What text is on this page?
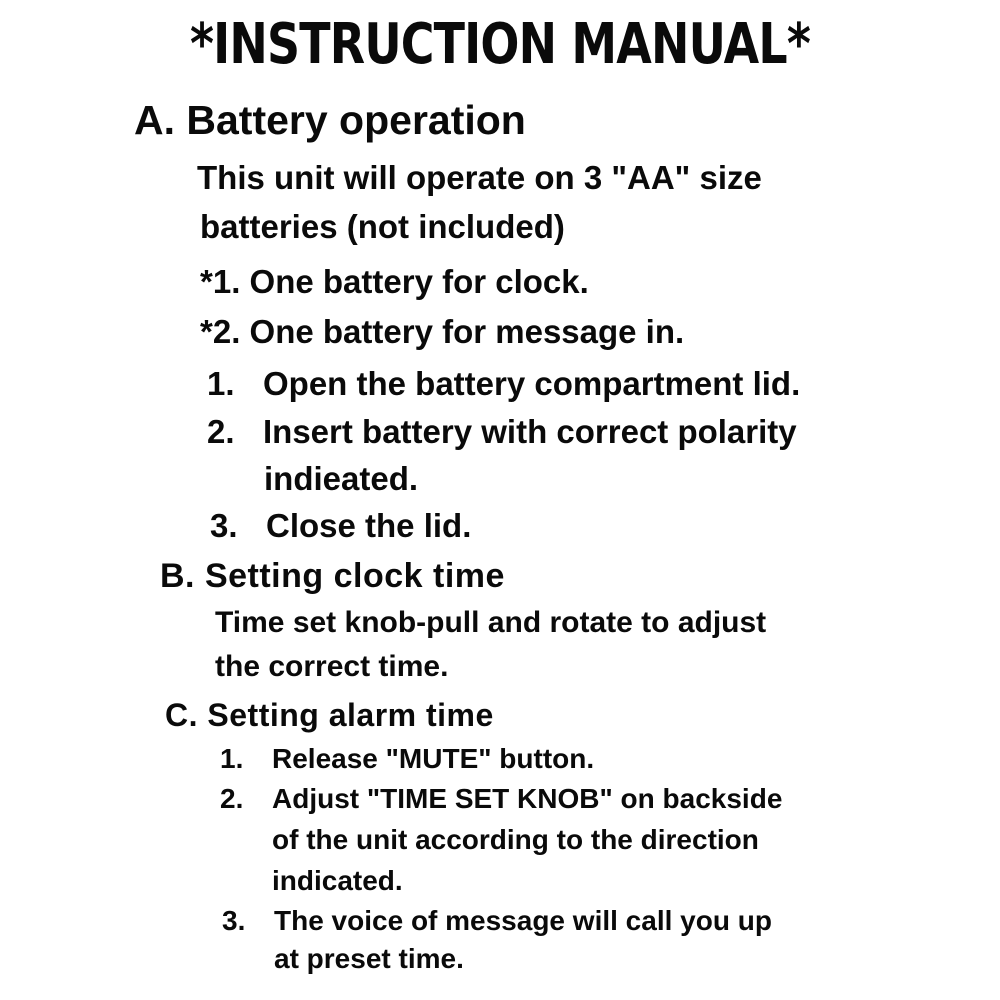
*INSTRUCTION MANUAL*
A. Battery operation
This unit will operate on 3 "AA" size
batteries (not included)
*1. One battery for clock.
*2. One battery for message in.
1. Open the battery compartment lid.
2. Insert battery with correct polarity
indieated.
3. Close the lid.
B. Setting clock time
Time set knob-pull and rotate to adjust
the correct time.
C. Setting alarm time
1. Release "MUTE" button.
2. Adjust "TIME SET KNOB" on backside
of the unit according to the direction
indicated.
3. The voice of message will call you up
at preset time.
